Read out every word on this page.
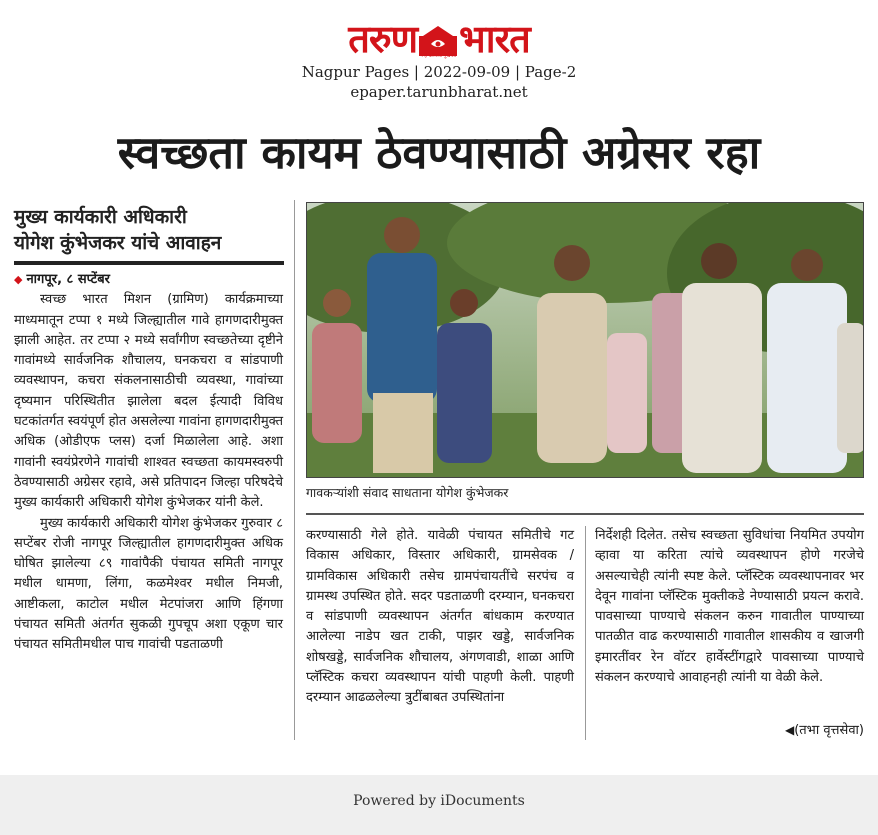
तरुण न हे कोणाचे मुखपत्र भारत
Nagpur Pages | 2022-09-09 | Page-2
epaper.tarunbharat.net
स्वच्छता कायम ठेवण्यासाठी अग्रेसर रहा
मुख्य कार्यकारी अधिकारी
योगेश कुंभेजकर यांचे आवाहन

◆ नागपूर, ८ सप्टेंबर

स्वच्छ भारत मिशन (ग्रामिण) कार्यक्रमाच्या माध्यमातून टप्पा १ मध्ये जिल्ह्यातील गावे हागणदारीमुक्त झाली आहेत. तर टप्पा २ मध्ये सर्वांगीण स्वच्छतेच्या दृष्टीने गावांमध्ये सार्वजनिक शौचालय, घनकचरा व सांडपाणी व्यवस्थापन, कचरा संकलनासाठीची व्यवस्था, गावांच्या दृष्यमान परिस्थितीत झालेला बदल ईत्यादी विविध घटकांतर्गत स्वयंपूर्ण होत असलेल्या गावांना हागणदारीमुक्त अधिक (ओडीएफ प्लस) दर्जा मिळालेला आहे. अशा गावांनी स्वयंप्रेरणेने गावांची शाश्वत स्वच्छता कायमस्वरुपी ठेवण्यासाठी अग्रेसर रहावे, असे प्रतिपादन जिल्हा परिषदेचे मुख्य कार्यकारी अधिकारी योगेश कुंभेजकर यांनी केले.

मुख्य कार्यकारी अधिकारी योगेश कुंभेजकर गुरुवार ८ सप्टेंबर रोजी नागपूर जिल्ह्यातील हागणदारीमुक्त अधिक घोषित झालेल्या ८९ गावांपैकी पंचायत समिती नागपूर मधील धामणा, लिंगा, कळमेश्वर मधील निमजी, आष्टीकला, काटोल मधील मेटपांजरा आणि हिंगणा पंचायत समिती अंतर्गत सुकळी गुपचूप अशा एकूण चार पंचायत समितीमधील पाच गावांची पडताळणी

गावकऱ्यांशी संवाद साधताना योगेश कुंभेजकर

करण्यासाठी गेले होते. यावेळी पंचायत समितीचे गट विकास अधिकार, विस्तार अधिकारी, ग्रामसेवक /ग्रामविकास अधिकारी तसेच ग्रामपंचायतींचे सरपंच व ग्रामस्थ उपस्थित होते. सदर पडताळणी दरम्यान, घनकचरा व सांडपाणी व्यवस्थापन अंतर्गत बांधकाम करण्यात आलेल्या नाडेप खत टाकी, पाझर खड्डे, सार्वजनिक शोषखड्डे, सार्वजनिक शौचालय, अंगणवाडी, शाळा आणि प्लॅस्टिक कचरा व्यवस्थापन यांची पाहणी केली. पाहणी दरम्यान आढळलेल्या त्रुटींबाबत उपस्थितांना

निर्देशही दिलेत. तसेच स्वच्छता सुविधांचा नियमित उपयोग व्हावा या करिता त्यांचे व्यवस्थापन होणे गरजेचे असल्याचेही त्यांनी स्पष्ट केले. प्लॅस्टिक व्यवस्थापनावर भर देवून गावांना प्लॅस्टिक मुक्तीकडे नेण्यासाठी प्रयत्न करावे. पावसाच्या पाण्याचे संकलन करुन गावातील पाण्याच्या पातळीत वाढ करण्यासाठी गावातील शासकीय व खाजगी इमारतींवर रेन वॉटर हार्वेस्टींगद्वारे पावसाच्या पाण्याचे संकलन करण्याचे आवाहनही त्यांनी या वेळी केले.

◀(तभा वृत्तसेवा)
Powered by iDocuments
